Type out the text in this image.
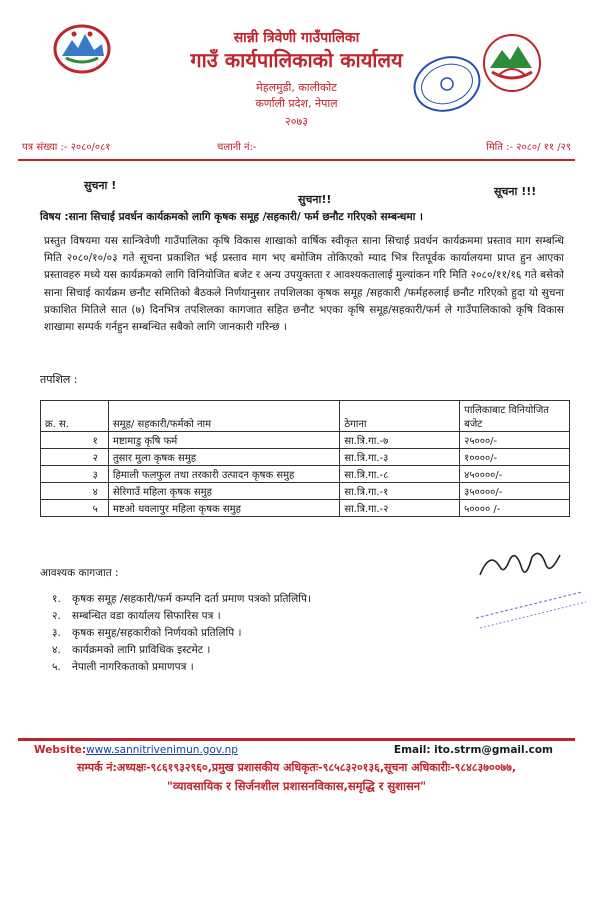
सान्नी त्रिवेणी गाउँपालिका
गाउँ कार्यपालिकाको कार्यालय
मेहलमुडी, कालीकोट
कर्णाली प्रदेश, नेपाल
२०७३
पत्र संख्या :- २०८०/०८१	चलानी नं:-	मिति :- २०८०/ ११ /२९
सुचना !
सुचना!!
सूचना !!!
विषय :साना सिचाई प्रवर्धन कार्यक्रमको लागि कृषक समूह /सहकारी/ फर्म छनौट गरिएको सम्बन्धमा ।
प्रस्तुत विषयमा यस सान्त्रिवेणी गाउँपालिका कृषि विकास शाखाको वार्षिक स्वीकृत साना सिचाई प्रवर्धन कार्यक्रममा प्रस्ताव माग सम्बन्धि मिति २०८०/१०/०३ गते सूचना प्रकाशित भई प्रस्ताव माग भए बमोजिम तोकिएको म्याद भित्र रितपूर्वक कार्यालयमा प्राप्त हुन आएका प्रस्तावहरु मध्ये यस कार्यक्रमको लागि विनियोजित बजेट र अन्य उपयुक्तता र आवश्यकतालाई मुल्यांकन गरि मिति २०८०/११/१६ गते बसेको साना सिचाई कार्यक्रम छनौट समितिको बैठकले निर्णयानुसार तपशिलका कृषक समूह /सहकारी /फर्महरुलाई छनौट गरिएको हुदा यो सुचना प्रकाशित मितिले सात (७) दिनभित्र तपशिलका कागजात सहित छनौट भएका कृषि समूह/सहकारी/फर्म ले गाउँपालिकाको कृषि विकास शाखामा सम्पर्क गर्नहुन सम्बन्धित सबैको लागि जानकारी गरिन्छ ।
तपशिल :
क्र. स.	समूह/ सहकारी/फर्मको नाम	ठेगाना	पालिकाबाट विनियोजित बजेट
१	मष्टामाडु कृषि फर्म	सा.त्रि.गा.-७	२५०००/-
२	तुसार मुला कृषक समुह	सा.त्रि.गा.-३	१००००/-
३	हिमाली फलफुल तथा तरकारी उत्पादन कृषक समुह	सा.त्रि.गा.-८	४५००००/-
४	सेरिगाउँ महिला कृषक समुह	सा.त्रि.गा.-१	३५००००/-
५	मष्टओ धवलापुर महिला कृषक समुह	सा.त्रि.गा.-२	५०००० /-
आवश्यक कागजात :
१. कृषक समूह /सहकारी/फर्म कम्पनि दर्ता प्रमाण पत्रको प्रतिलिपि।
२. सम्बन्धित वडा कार्यालय सिफारिस पत्र ।
३. कृषक समुह/सहकारीको निर्णयको प्रतिलिपि ।
४. कार्यक्रमको लागि प्राविधिक इस्टमेट ।
५. नेपाली नागरिकताको प्रमाणपत्र ।
Website:www.sannitrivenimun.gov.np	Email: ito.strm@gmail.com
सम्पर्क नं:अध्यक्षः-९८६१९३२९६०,प्रमुख प्रशासकीय अधिकृतः-९८५८३२०१३६,सूचना अधिकारीः-९८४८३७००७७,
"व्यावसायिक र सिर्जनशील प्रशासनविकास,समृद्धि र सुशासन"
